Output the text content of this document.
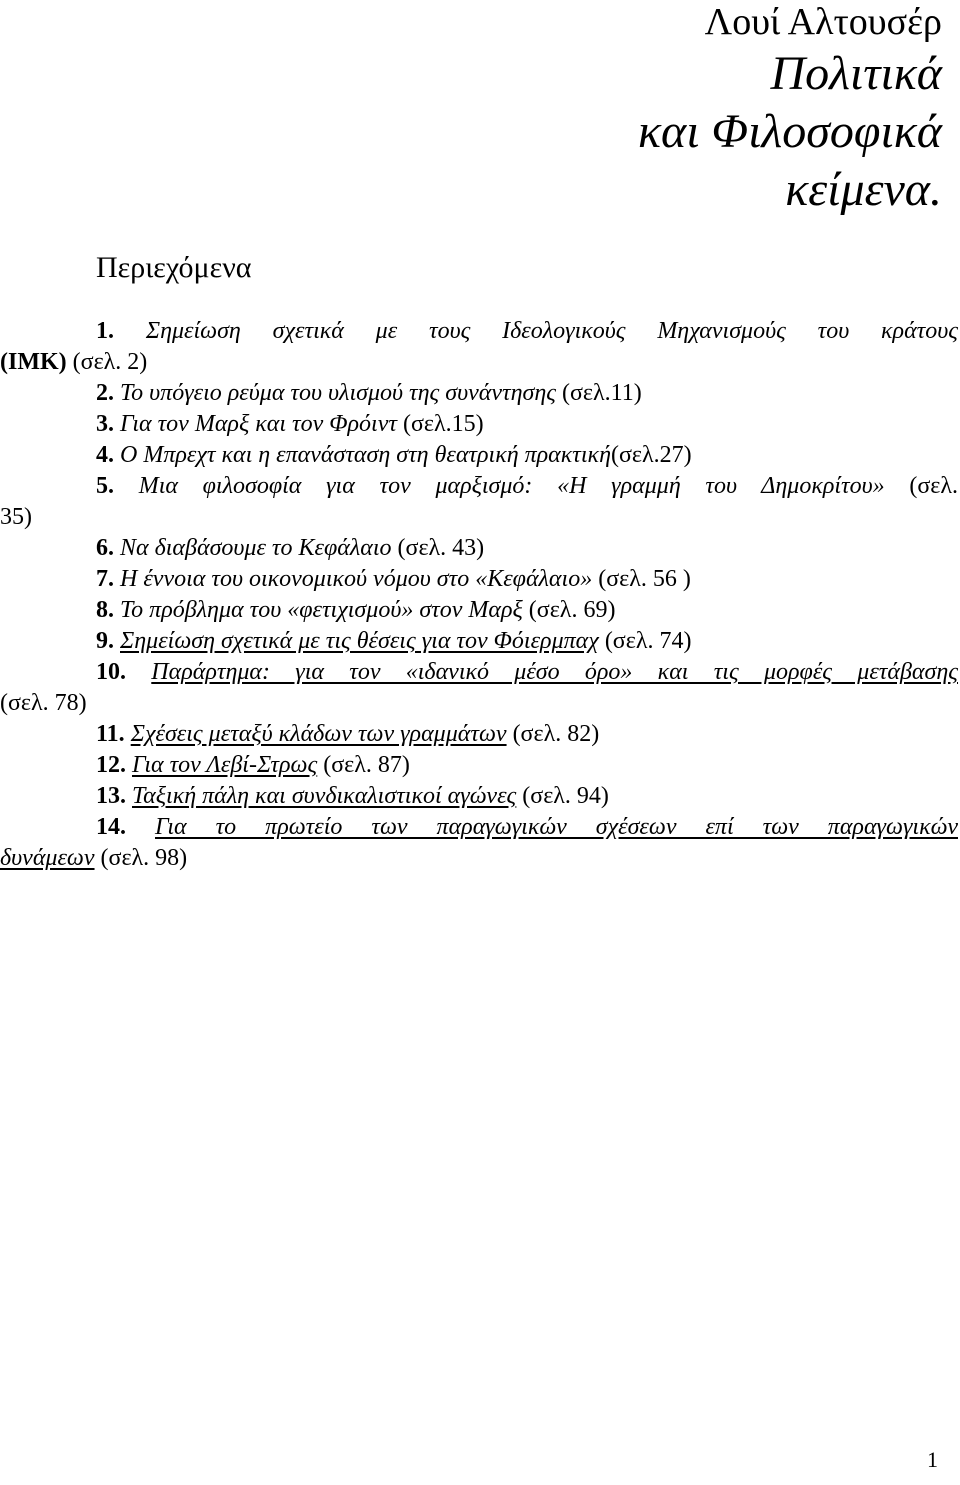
Λουί Αλτουσέρ
Πολιτικά
και Φιλοσοφικά
κείμενα.
Περιεχόμενα
1. Σημείωση σχετικά με τους Ιδεολογικούς Μηχανισμούς του κράτους
(ΙΜΚ) (σελ. 2)
2. Το υπόγειο ρεύμα του υλισμού της συνάντησης (σελ.11)
3. Για τον Μαρξ και τον Φρόιντ (σελ.15)
4. Ο Μπρεχτ και η επανάσταση στη θεατρική πρακτική(σελ.27)
5. Μια φιλοσοφία για τον μαρξισμό: «Η γραμμή του Δημοκρίτου» (σελ.
35)
6. Να διαβάσουμε το Κεφάλαιο (σελ. 43)
7. Η έννοια του οικονομικού νόμου στο «Κεφάλαιο» (σελ. 56 )
8. Το πρόβλημα του «φετιχισμού» στον Μαρξ (σελ. 69)
9. Σημείωση σχετικά με τις θέσεις για τον Φόιερμπαχ (σελ. 74)
10. Παράρτημα: για τον «ιδανικό μέσο όρο» και τις μορφές μετάβασης
(σελ. 78)
11. Σχέσεις μεταξύ κλάδων των γραμμάτων (σελ. 82)
12. Για τον Λεβί-Στρως (σελ. 87)
13. Ταξική πάλη και συνδικαλιστικοί αγώνες (σελ. 94)
14. Για το πρωτείο των παραγωγικών σχέσεων επί των παραγωγικών
δυνάμεων (σελ. 98)
1
